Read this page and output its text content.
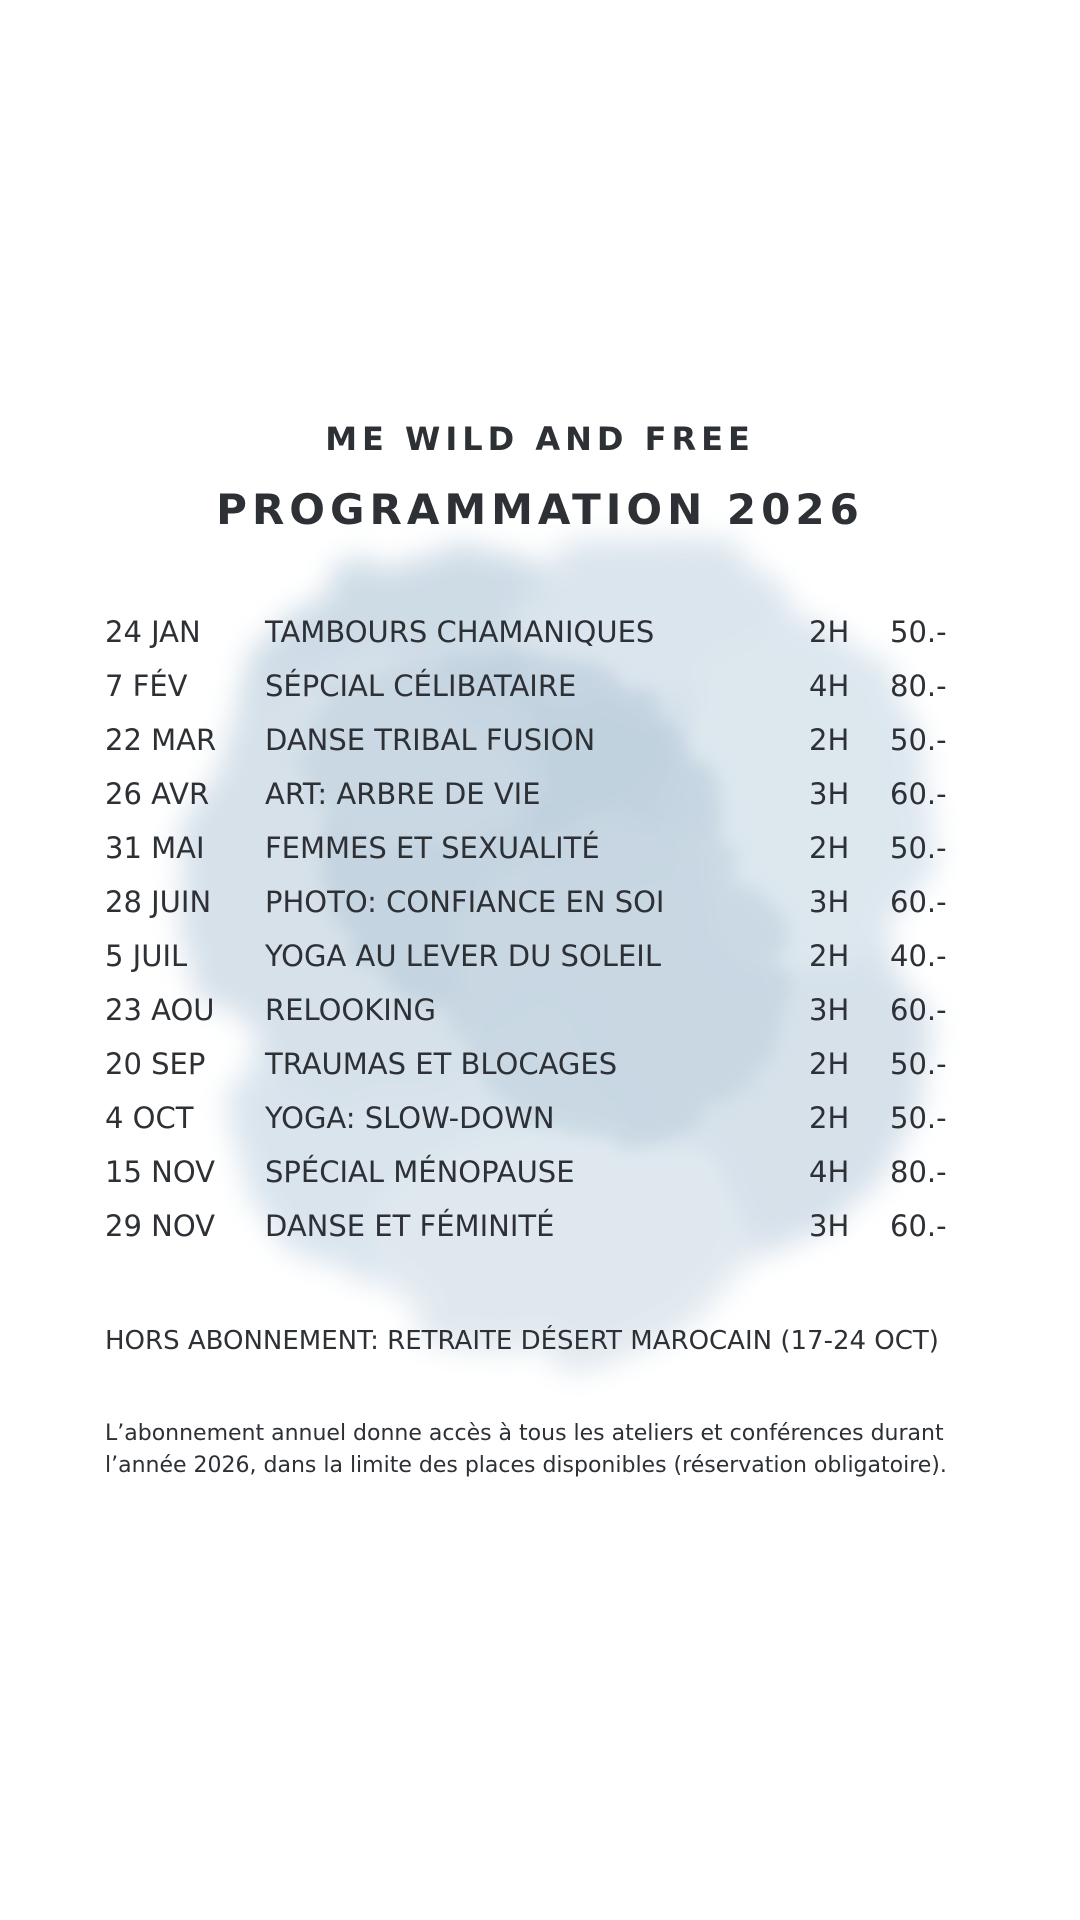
ME WILD AND FREE
PROGRAMMATION 2026
24 JAN TAMBOURS CHAMANIQUES	2H 50.-
7 FÉV	SÉPCIAL CÉLIBATAIRE	4H 80.-
22 MAR DANSE TRIBAL FUSION	2H 50.-
26 AVR ART: ARBRE DE VIE	3H 60.-
31 MAI FEMMES ET SEXUALITÉ	2H 50.-
28 JUIN PHOTO: CONFIANCE EN SOI	3H 60.-
5 JUIL	YOGA AU LEVER DU SOLEIL	2H 40.-
23 AOU RELOOKING	3H 60.-
20 SEP TRAUMAS ET BLOCAGES	2H 50.-
4 OCT YOGA: SLOW-DOWN	2H 50.-
15 NOV SPÉCIAL MÉNOPAUSE	4H 80.-
29 NOV DANSE ET FÉMINITÉ	3H 60.-
HORS ABONNEMENT: RETRAITE DÉSERT MAROCAIN (17-24 OCT)
L’abonnement annuel donne accès à tous les ateliers et conférences durant l’année 2026, dans la limite des places disponibles (réservation obligatoire).
